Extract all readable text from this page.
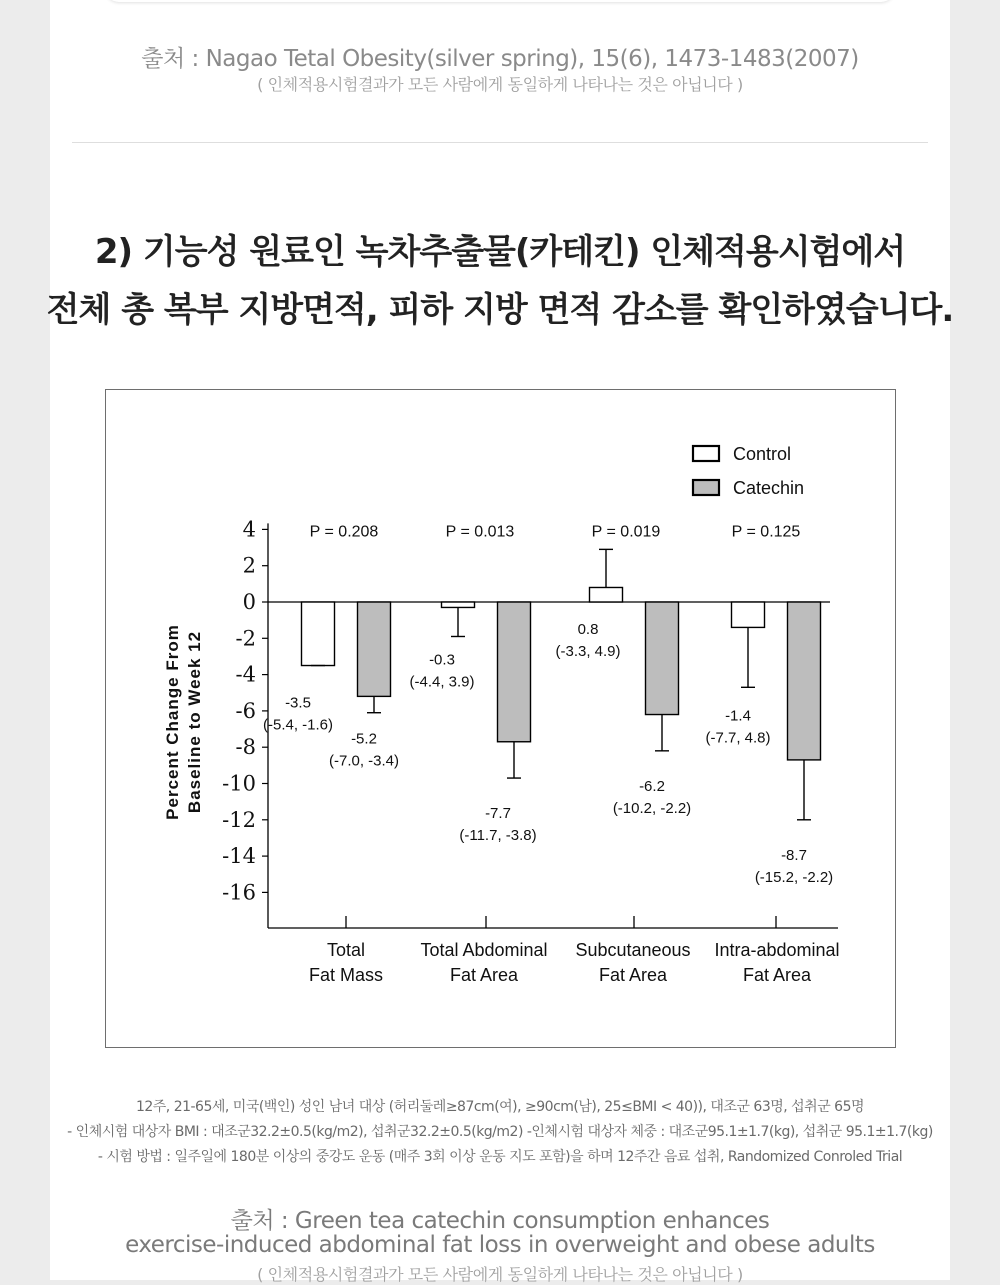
출처 : Nagao Tetal Obesity(silver spring), 15(6), 1473-1483(2007)
( 인체적용시험결과가 모든 사람에게 동일하게 나타나는 것은 아닙니다 )
2) 기능성 원료인 녹차추출물(카테킨) 인체적용시험에서
전체 총 복부 지방면적, 피하 지방 면적 감소를 확인하였습니다.
4
2
0
-2
-4
-6
-8
-10
-12
-14
-16
Percent Change From Baseline to Week 12
Total
Fat Mass
Total Abdominal
Fat Area
Subcutaneous
Fat Area
Intra-abdominal
Fat Area
P = 0.208	P = 0.013	P = 0.019	P = 0.125
Control
Catechin
-3.5
(-5.4, -1.6)
-0.3
(-4.4, 3.9)
0.8
(-3.3, 4.9)
-1.4
(-7.7, 4.8)
-5.2
(-7.0, -3.4)
-7.7
(-11.7, -3.8)
-6.2
(-10.2, -2.2)
-8.7
(-15.2, -2.2)
12주, 21-65세, 미국(백인) 성인 남녀 대상 (허리둘레≥87cm(여), ≥90cm(남), 25≤BMI < 40)), 대조군 63명, 섭취군 65명
- 인체시험 대상자 BMI : 대조군32.2±0.5(kg/m2), 섭취군32.2±0.5(kg/m2) -인체시험 대상자 체중 : 대조군95.1±1.7(kg), 섭취군 95.1±1.7(kg)
- 시험 방법 : 일주일에 180분 이상의 중강도 운동 (매주 3회 이상 운동 지도 포함)을 하며 12주간 음료 섭취, Randomized Conroled Trial
출처 : Green tea catechin consumption enhances
exercise-induced abdominal fat loss in overweight and obese adults
( 인체적용시험결과가 모든 사람에게 동일하게 나타나는 것은 아닙니다 )
